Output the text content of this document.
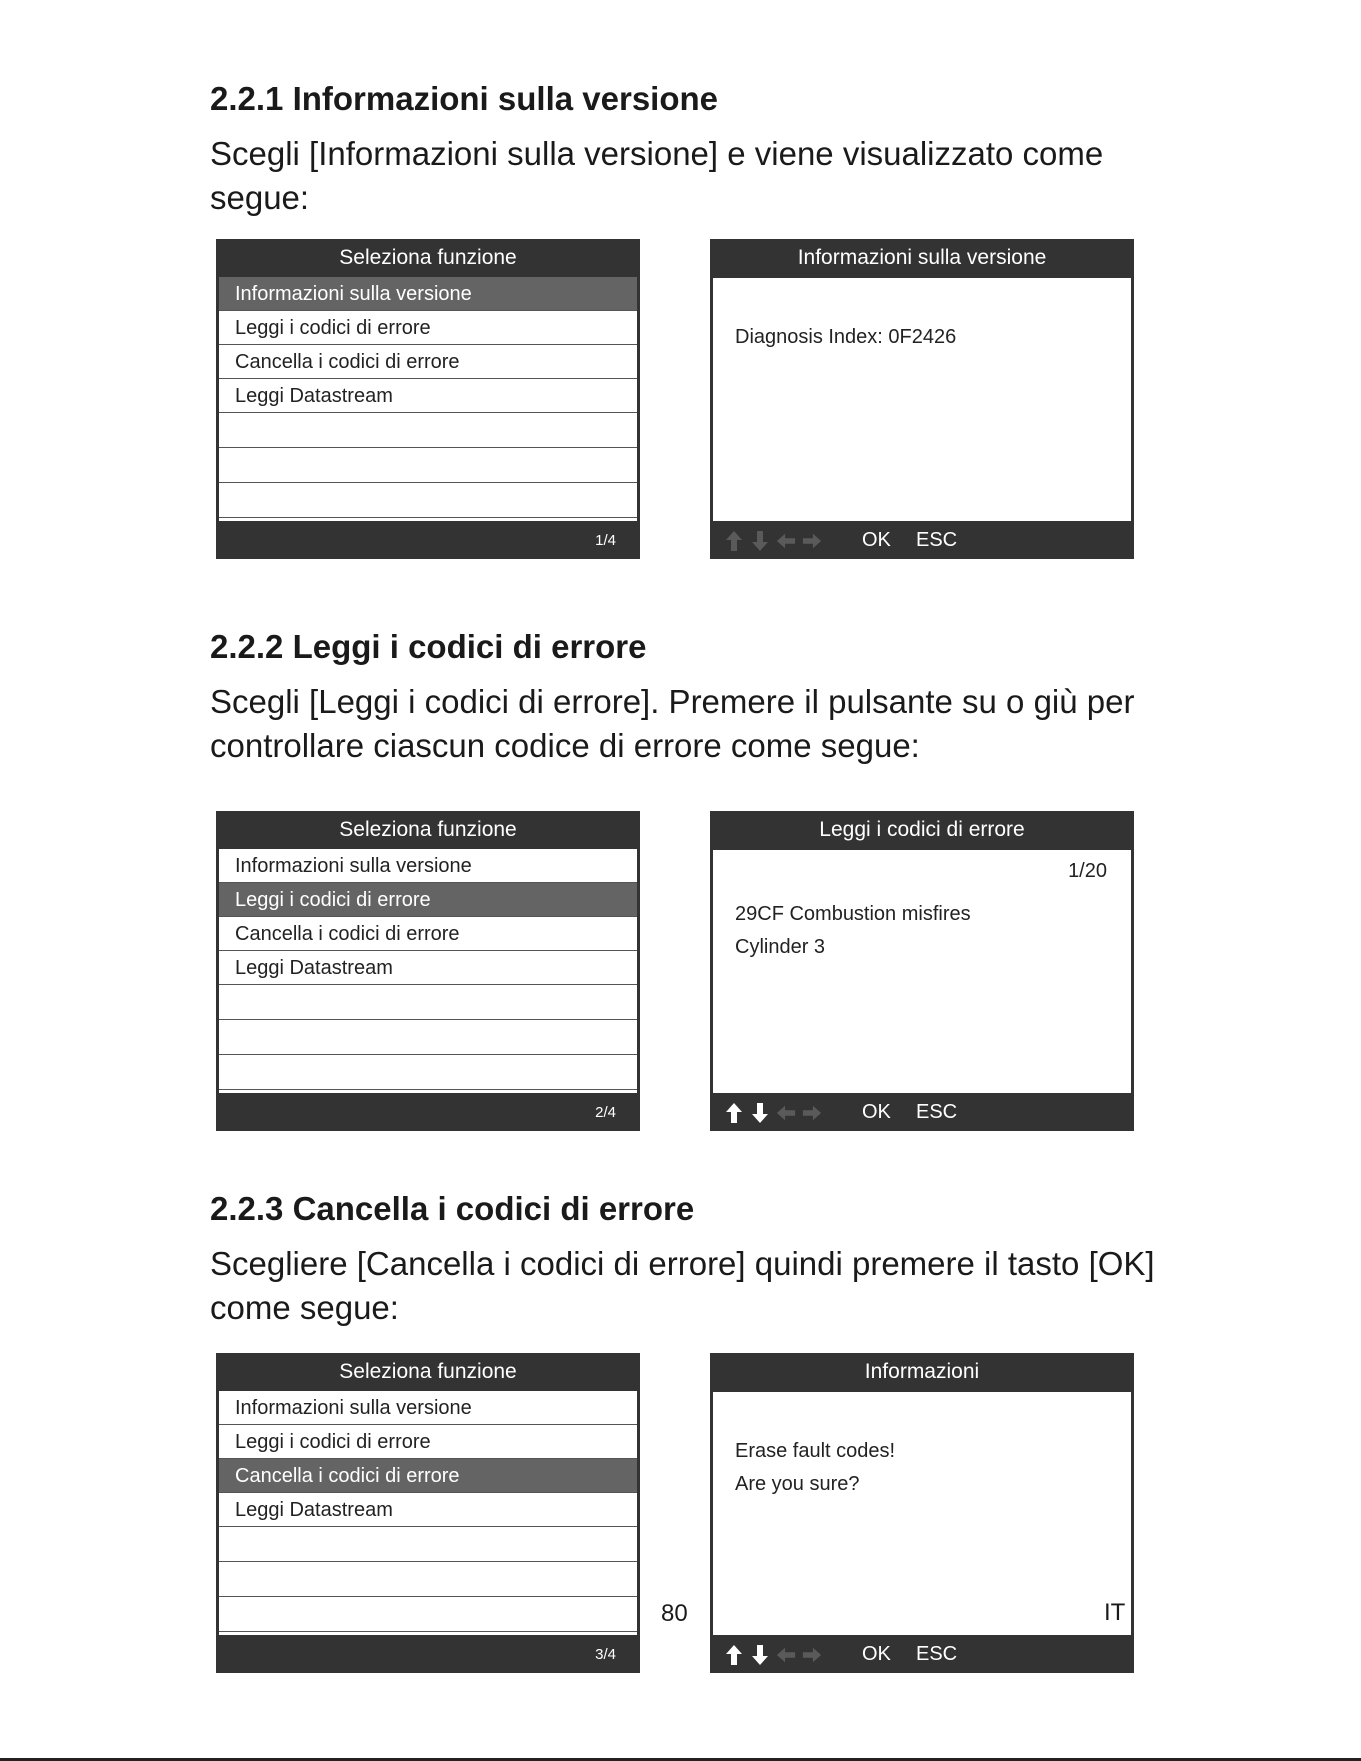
2.2.1 Informazioni sulla versione

Scegli [Informazioni sulla versione] e viene visualizzato come segue:

Seleziona funzione
Informazioni sulla versione
Leggi i codici di errore
Cancella i codici di errore
Leggi Datastream
1/4
Informazioni sulla versione
Diagnosis Index: 0F2426
OK ESC
2.2.2 Leggi i codici di errore

Scegli [Leggi i codici di errore]. Premere il pulsante su o giù per controllare ciascun codice di errore come segue:

Seleziona funzione
Informazioni sulla versione
Leggi i codici di errore
Cancella i codici di errore
Leggi Datastream
2/4
Leggi i codici di errore
1/20
29CF Combustion misfires
Cylinder 3
OK ESC
2.2.3 Cancella i codici di errore

Scegliere [Cancella i codici di errore] quindi premere il tasto [OK] come segue:

Seleziona funzione
Informazioni sulla versione
Leggi i codici di errore
Cancella i codici di errore
Leggi Datastream
3/4
Informazioni
Erase fault codes!
Are you sure?
OK ESC
80	IT
